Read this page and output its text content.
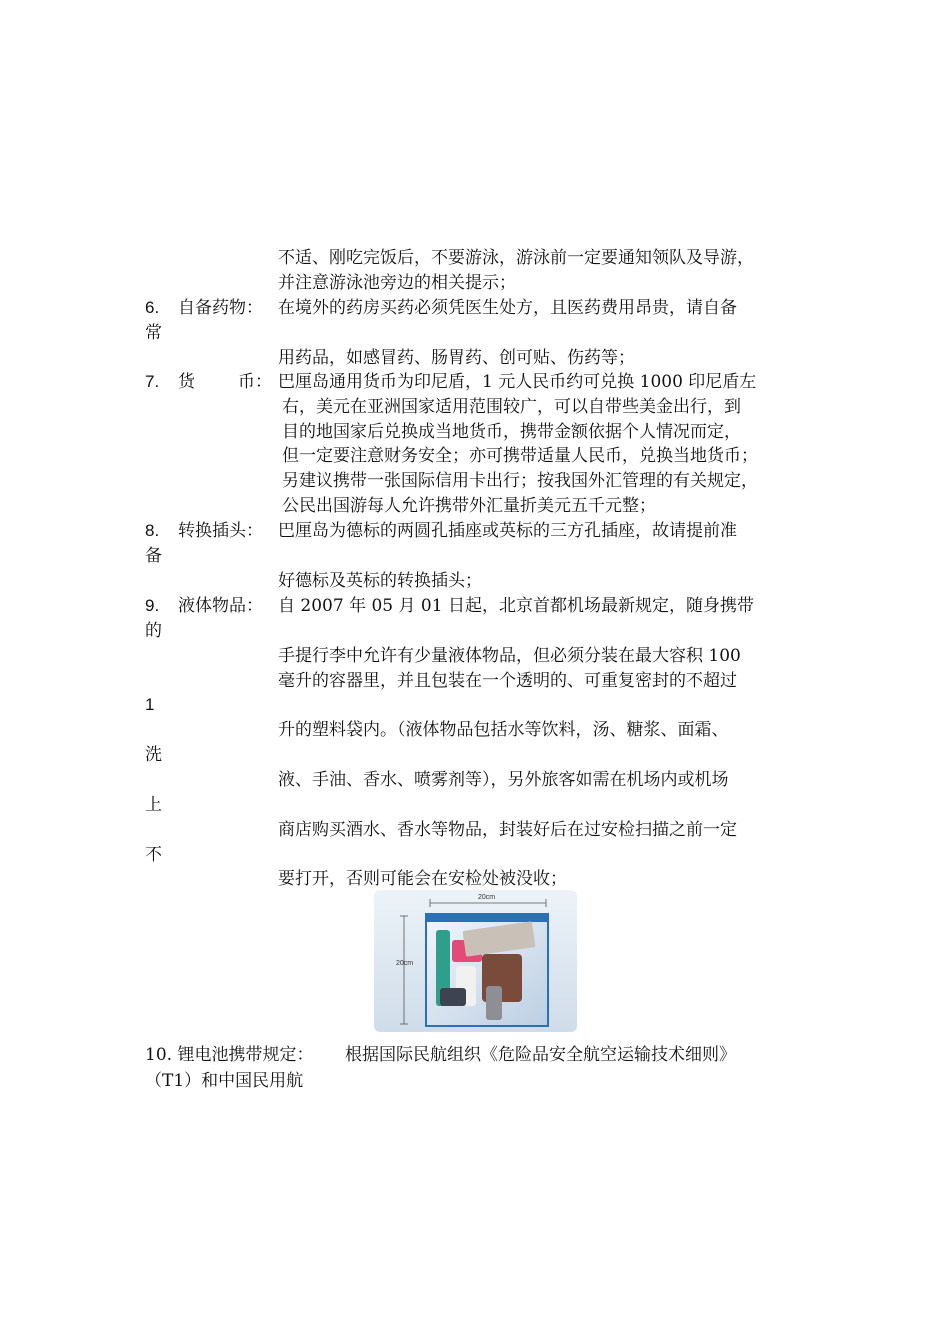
不适、刚吃完饭后，不要游泳，游泳前一定要通知领队及导游，
并注意游泳池旁边的相关提示；
6. 自备药物： 在境外的药房买药必须凭医生处方，且医药费用昂贵，请自备
常
用药品，如感冒药、肠胃药、创可贴、伤药等；
7. 货	币： 巴厘岛通用货币为印尼盾，1 元人民币约可兑换 1000 印尼盾左
右，美元在亚洲国家适用范围较广，可以自带些美金出行，到
目的地国家后兑换成当地货币，携带金额依据个人情况而定，
但一定要注意财务安全；亦可携带适量人民币，兑换当地货币；
另建议携带一张国际信用卡出行；按我国外汇管理的有关规定，
公民出国游每人允许携带外汇量折美元五千元整；
8. 转换插头： 巴厘岛为德标的两圆孔插座或英标的三方孔插座，故请提前准
备
好德标及英标的转换插头；
9. 液体物品： 自 2007 年 05 月 01 日起，北京首都机场最新规定，随身携带
的
手提行李中允许有少量液体物品，但必须分装在最大容积 100
毫升的容器里，并且包装在一个透明的、可重复密封的不超过
1
升的塑料袋内。（液体物品包括水等饮料，汤、糖浆、面霜、
洗
液、手油、香水、喷雾剂等），另外旅客如需在机场内或机场
上
商店购买酒水、香水等物品，封装好后在过安检扫描之前一定
不
要打开，否则可能会在安检处被没收；
20cm
20cm
10. 锂电池携带规定： 根据国际民航组织《危险品安全航空运输技术细则》
（T1）和中国民用航
